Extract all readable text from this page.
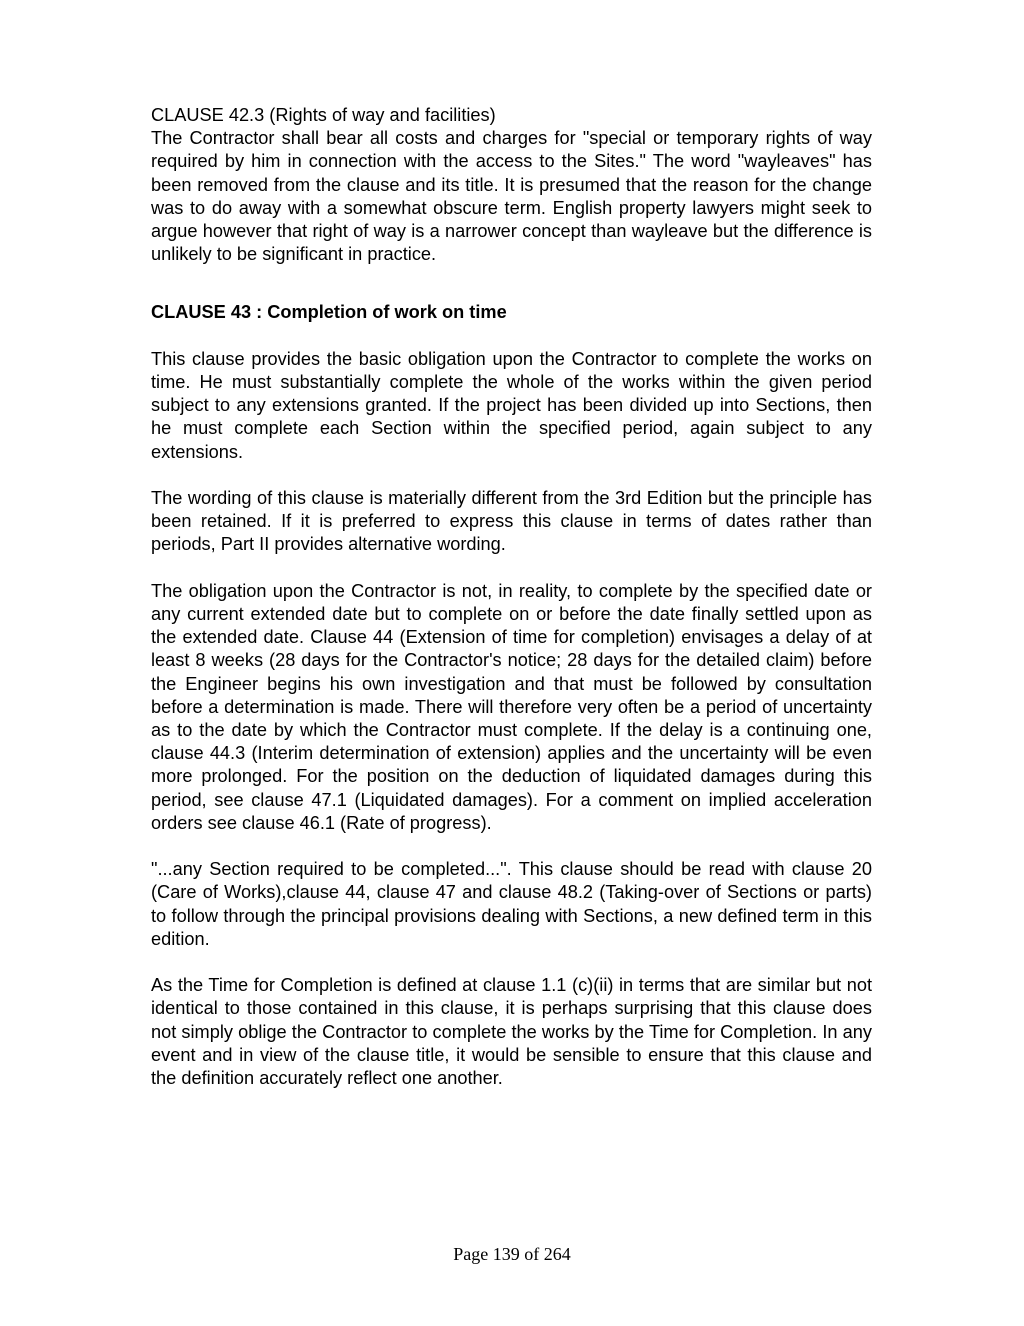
CLAUSE 42.3 (Rights of way and facilities)

The Contractor shall bear all costs and charges for "special or temporary rights of way required by him in connection with the access to the Sites." The word "wayleaves" has been removed from the clause and its title. It is presumed that the reason for the change was to do away with a somewhat obscure term. English property lawyers might seek to argue however that right of way is a narrower concept than wayleave but the difference is unlikely to be significant in practice.

CLAUSE 43 : Completion of work on time

This clause provides the basic obligation upon the Contractor to complete the works on time. He must substantially complete the whole of the works within the given period subject to any extensions granted. If the project has been divided up into Sections, then he must complete each Section within the specified period, again subject to any extensions.

The wording of this clause is materially different from the 3rd Edition but the principle has been retained. If it is preferred to express this clause in terms of dates rather than periods, Part II provides alternative wording.

The obligation upon the Contractor is not, in reality, to complete by the specified date or any current extended date but to complete on or before the date finally settled upon as the extended date. Clause 44 (Extension of time for completion) envisages a delay of at least 8 weeks (28 days for the Contractor's notice; 28 days for the detailed claim) before the Engineer begins his own investigation and that must be followed by consultation before a determination is made. There will therefore very often be a period of uncertainty as to the date by which the Contractor must complete. If the delay is a continuing one, clause 44.3 (Interim determination of extension) applies and the uncertainty will be even more prolonged. For the position on the deduction of liquidated damages during this period, see clause 47.1 (Liquidated damages). For a comment on implied acceleration orders see clause 46.1 (Rate of progress).

"...any Section required to be completed...". This clause should be read with clause 20 (Care of Works),clause 44, clause 47 and clause 48.2 (Taking-over of Sections or parts) to follow through the principal provisions dealing with Sections, a new defined term in this edition.

As the Time for Completion is defined at clause 1.1 (c)(ii) in terms that are similar but not identical to those contained in this clause, it is perhaps surprising that this clause does not simply oblige the Contractor to complete the works by the Time for Completion. In any event and in view of the clause title, it would be sensible to ensure that this clause and the definition accurately reflect one another.

Page 139 of 264
